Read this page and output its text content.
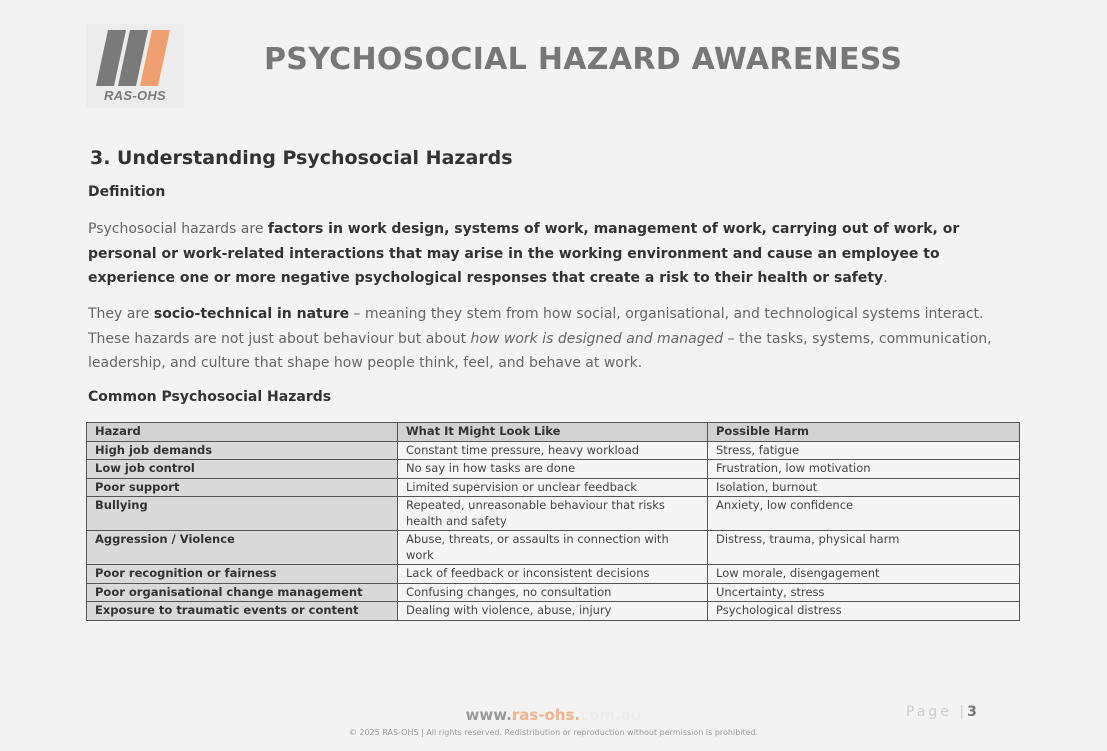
RAS-OHS
PSYCHOSOCIAL HAZARD AWARENESS
3. Understanding Psychosocial Hazards
Definition
Psychosocial hazards are factors in work design, systems of work, management of work, carrying out of work, or personal or work-related interactions that may arise in the working environment and cause an employee to experience one or more negative psychological responses that create a risk to their health or safety.
They are socio-technical in nature – meaning they stem from how social, organisational, and technological systems interact. These hazards are not just about behaviour but about how work is designed and managed – the tasks, systems, communication, leadership, and culture that shape how people think, feel, and behave at work.
Common Psychosocial Hazards
Hazard	What It Might Look Like	Possible Harm
High job demands	Constant time pressure, heavy workload	Stress, fatigue
Low job control	No say in how tasks are done	Frustration, low motivation
Poor support	Limited supervision or unclear feedback	Isolation, burnout
Bullying	Repeated, unreasonable behaviour that risks health and safety	Anxiety, low confidence
Aggression / Violence	Abuse, threats, or assaults in connection with work	Distress, trauma, physical harm
Poor recognition or fairness	Lack of feedback or inconsistent decisions	Low morale, disengagement
Poor organisational change management	Confusing changes, no consultation	Uncertainty, stress
Exposure to traumatic events or content	Dealing with violence, abuse, injury	Psychological distress
www.ras-ohs.com.au
© 2025 RAS-OHS | All rights reserved. Redistribution or reproduction without permission is prohibited.
Page |3
